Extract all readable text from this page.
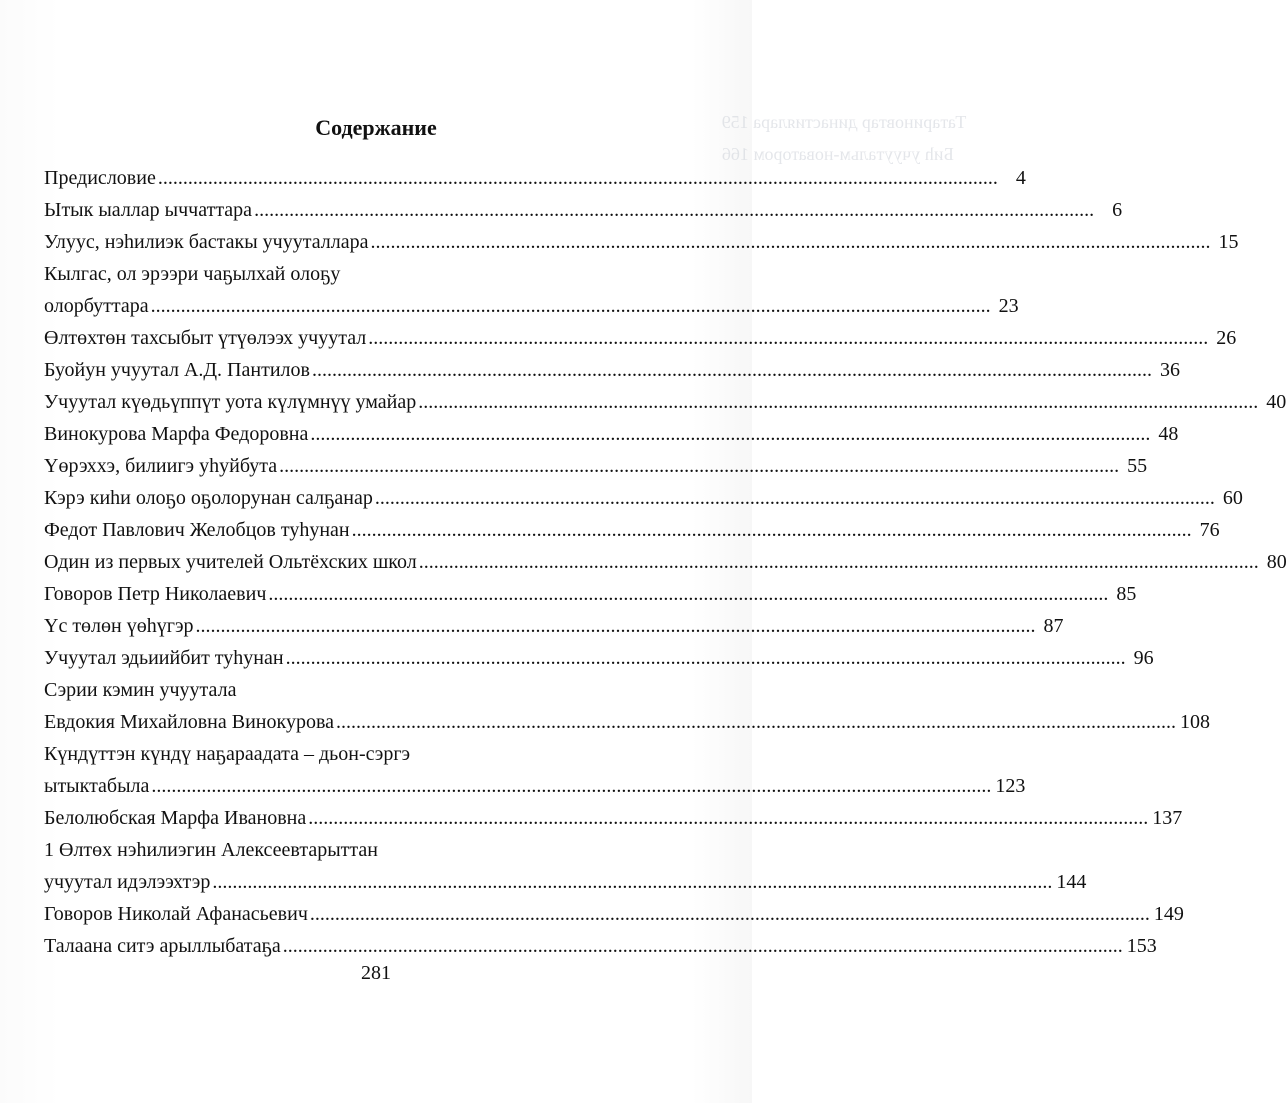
Татариновтар династиялара 159
Биһ учуутальм-новатором 166
Содержание
Предисловие .....	4
Ытык ыаллар ыччаттара .....	6
Улуус, нэһилиэк бастакы учууталлара .....	15
Кылгас, ол эрээри чаҕылхай олоҕу
олорбуттара .....	23
Өлтөхтөн тахсыбыт үтүөлээх учуутал .....	26
Буойун учуутал А.Д. Пантилов .....	36
Учуутал күөдьүппүт уота күлүмнүү умайар .....	40
Винокурова Марфа Федоровна .....	48
Үөрэххэ, билиигэ уһуйбута .....	55
Кэрэ киһи олоҕо оҕолорунан салҕанар .....	60
Федот Павлович Желобцов туһунан .....	76
Один из первых учителей Ольтёхских школ .....	80
Говоров Петр Николаевич .....	85
Үс төлөн үөһүгэр .....	87
Учуутал эдьиийбит туһунан .....	96
Сэрии кэмин учуутала
Евдокия Михайловна Винокурова .....	108
Күндүттэн күндү наҕараадата – дьон-сэргэ
ытыктабыла .....	123
Белолюбская Марфа Ивановна .....	137
1 Өлтөх нэһилиэгин Алексеевтарыттан
учуутал идэлээхтэр .....	144
Говоров Николай Афанасьевич .....	149
Талаана ситэ арыллыбатаҕа .....	153
281
